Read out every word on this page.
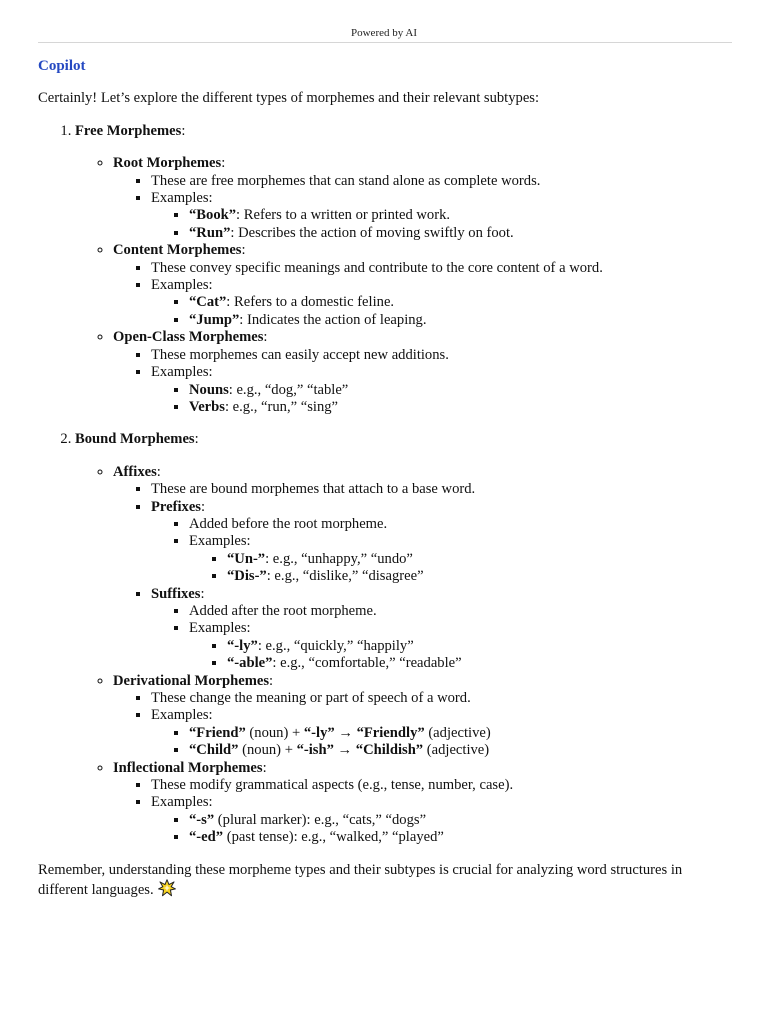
Powered by AI
Copilot

Certainly! Let’s explore the different types of morphemes and their relevant subtypes:

1. Free Morphemes:

◦ Root Morphemes:
▪ These are free morphemes that can stand alone as complete words.
▪ Examples:
▪ “Book”: Refers to a written or printed work.
▪ “Run”: Describes the action of moving swiftly on foot.
◦ Content Morphemes:
▪ These convey specific meanings and contribute to the core content of a word.
▪ Examples:
▪ “Cat”: Refers to a domestic feline.
▪ “Jump”: Indicates the action of leaping.
◦ Open-Class Morphemes:
▪ These morphemes can easily accept new additions.
▪ Examples:
▪ Nouns: e.g., “dog,” “table”
▪ Verbs: e.g., “run,” “sing”

2. Bound Morphemes:

◦ Affixes:
▪ These are bound morphemes that attach to a base word.
▪ Prefixes:
▪ Added before the root morpheme.
▪ Examples:
▪ “Un-”: e.g., “unhappy,” “undo”
▪ “Dis-”: e.g., “dislike,” “disagree”
▪ Suffixes:
▪ Added after the root morpheme.
▪ Examples:
▪ “-ly”: e.g., “quickly,” “happily”
▪ “-able”: e.g., “comfortable,” “readable”
◦ Derivational Morphemes:
▪ These change the meaning or part of speech of a word.
▪ Examples:
▪ “Friend” (noun) + “-ly” → “Friendly” (adjective)
▪ “Child” (noun) + “-ish” → “Childish” (adjective)
◦ Inflectional Morphemes:
▪ These modify grammatical aspects (e.g., tense, number, case).
▪ Examples:
▪ “-s” (plural marker): e.g., “cats,” “dogs”
▪ “-ed” (past tense): e.g., “walked,” “played”

Remember, understanding these morpheme types and their subtypes is crucial for analyzing word structures in different languages.
